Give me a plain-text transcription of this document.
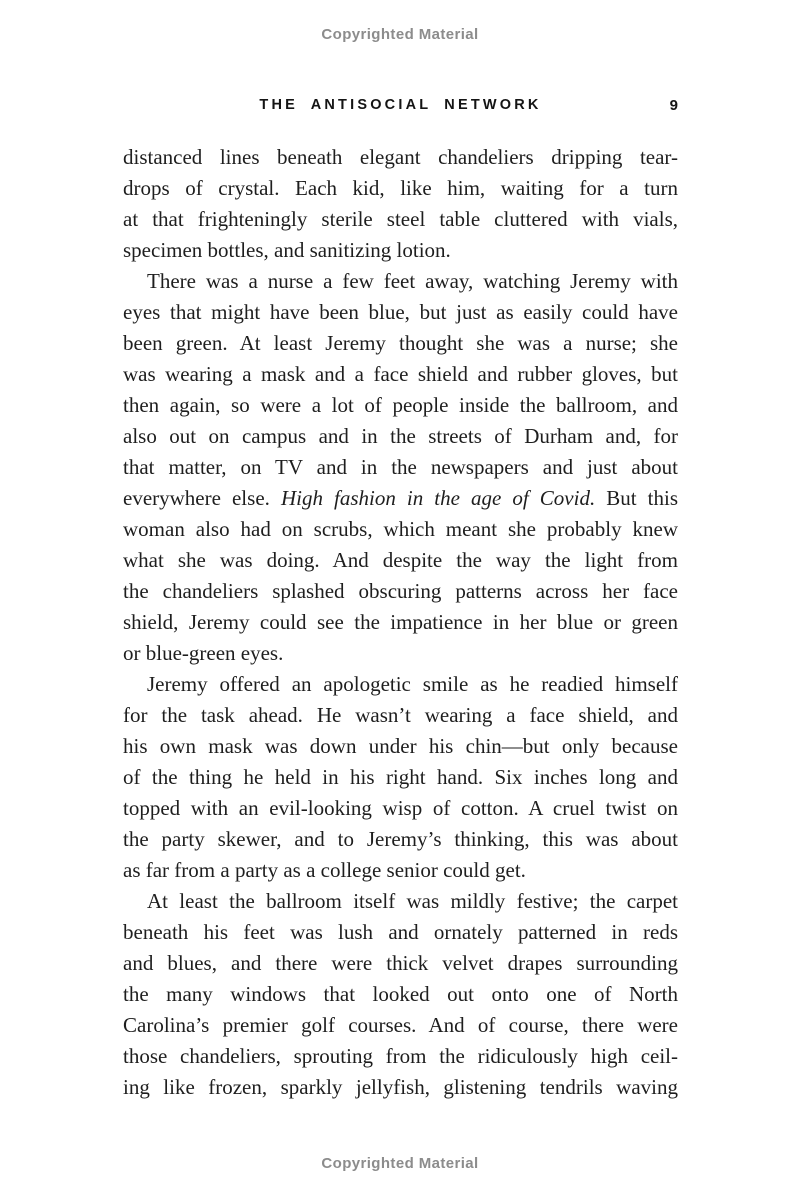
Copyrighted Material
THE ANTISOCIAL NETWORK	9
distanced lines beneath elegant chandeliers dripping tear-
drops of crystal. Each kid, like him, waiting for a turn
at that frighteningly sterile steel table cluttered with vials,
specimen bottles, and sanitizing lotion.
There was a nurse a few feet away, watching Jeremy with
eyes that might have been blue, but just as easily could have
been green. At least Jeremy thought she was a nurse; she
was wearing a mask and a face shield and rubber gloves, but
then again, so were a lot of people inside the ballroom, and
also out on campus and in the streets of Durham and, for
that matter, on TV and in the newspapers and just about
everywhere else. High fashion in the age of Covid. But this
woman also had on scrubs, which meant she probably knew
what she was doing. And despite the way the light from
the chandeliers splashed obscuring patterns across her face
shield, Jeremy could see the impatience in her blue or green
or blue-green eyes.
Jeremy offered an apologetic smile as he readied himself
for the task ahead. He wasn’t wearing a face shield, and
his own mask was down under his chin—but only because
of the thing he held in his right hand. Six inches long and
topped with an evil-looking wisp of cotton. A cruel twist on
the party skewer, and to Jeremy’s thinking, this was about
as far from a party as a college senior could get.
At least the ballroom itself was mildly festive; the carpet
beneath his feet was lush and ornately patterned in reds
and blues, and there were thick velvet drapes surrounding
the many windows that looked out onto one of North
Carolina’s premier golf courses. And of course, there were
those chandeliers, sprouting from the ridiculously high ceil-
ing like frozen, sparkly jellyfish, glistening tendrils waving
Copyrighted Material
